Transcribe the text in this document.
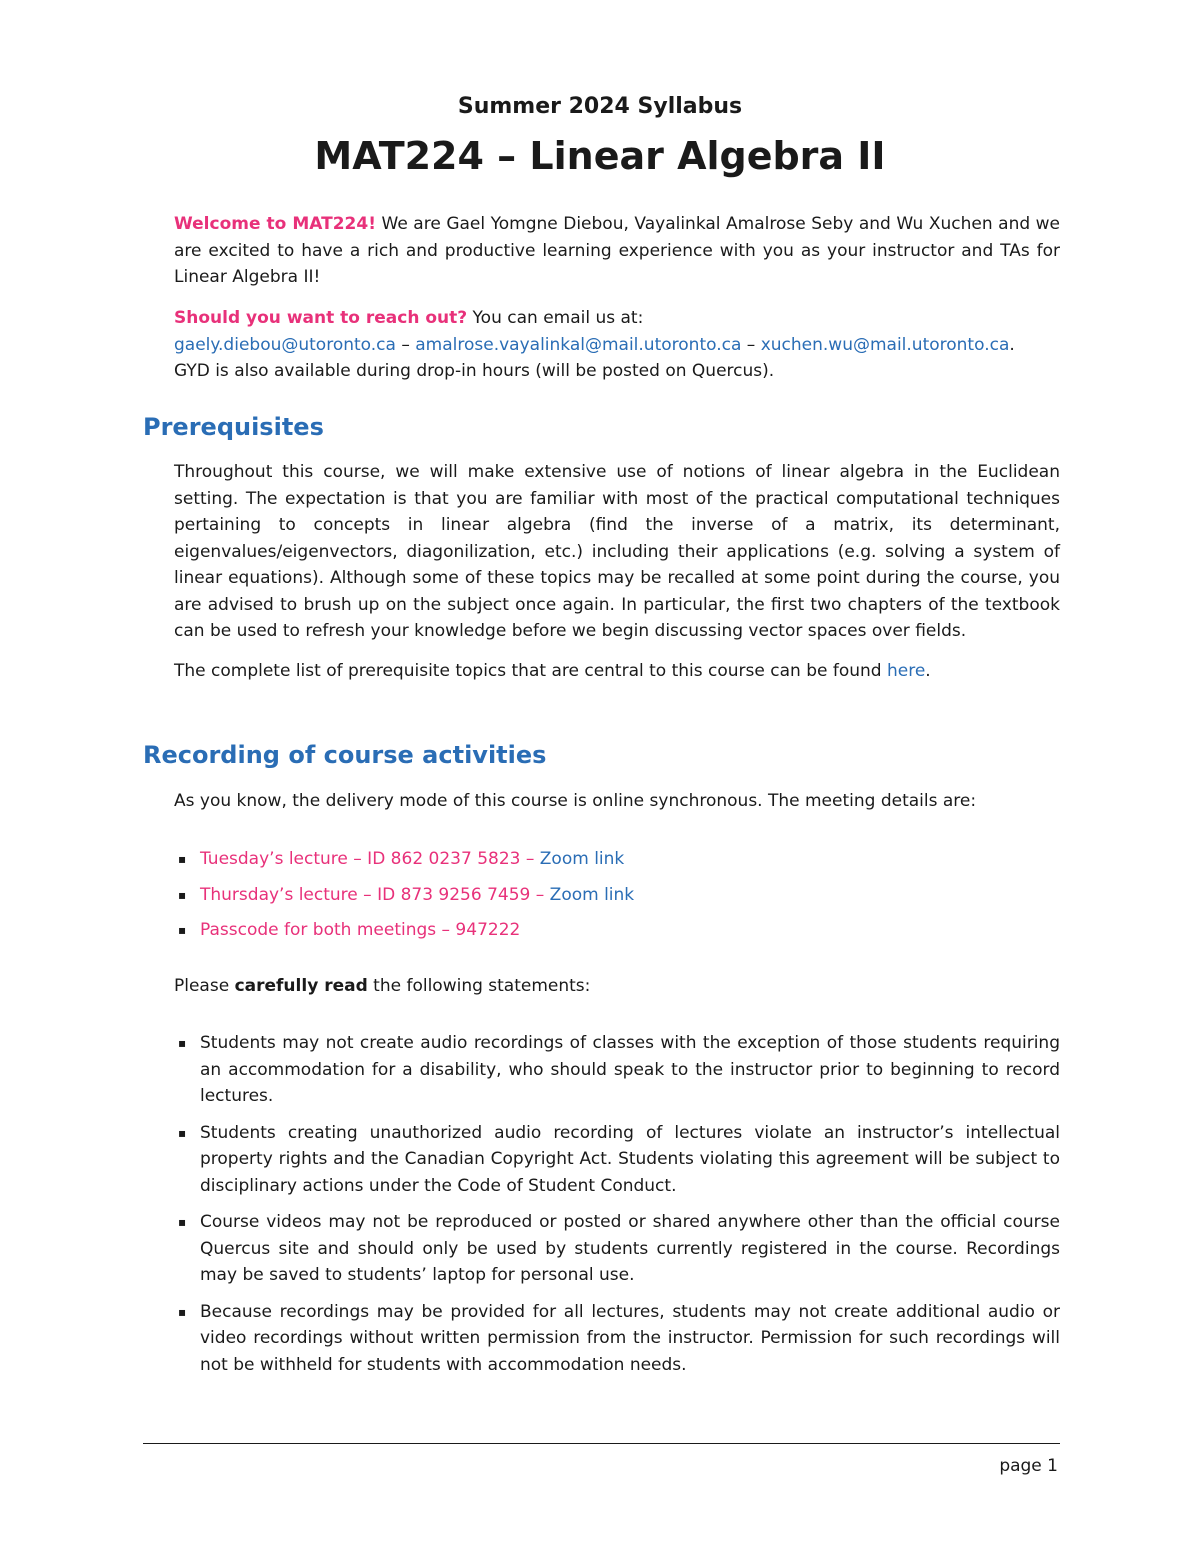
Summer 2024 Syllabus
MAT224 – Linear Algebra II
Welcome to MAT224! We are Gael Yomgne Diebou, Vayalinkal Amalrose Seby and Wu Xuchen and we are excited to have a rich and productive learning experience with you as your instructor and TAs for Linear Algebra II!
Should you want to reach out? You can email us at:
gaely.diebou@utoronto.ca – amalrose.vayalinkal@mail.utoronto.ca – xuchen.wu@mail.utoronto.ca.
GYD is also available during drop-in hours (will be posted on Quercus).
Prerequisites
Throughout this course, we will make extensive use of notions of linear algebra in the Euclidean setting. The expectation is that you are familiar with most of the practical computational techniques pertaining to concepts in linear algebra (find the inverse of a matrix, its determinant, eigenvalues/eigenvectors, diagonilization, etc.) including their applications (e.g. solving a system of linear equations). Although some of these topics may be recalled at some point during the course, you are advised to brush up on the subject once again. In particular, the first two chapters of the textbook can be used to refresh your knowledge before we begin discussing vector spaces over fields.
The complete list of prerequisite topics that are central to this course can be found here.
Recording of course activities
As you know, the delivery mode of this course is online synchronous. The meeting details are:
▪ Tuesday’s lecture – ID 862 0237 5823 – Zoom link
▪ Thursday’s lecture – ID 873 9256 7459 – Zoom link
▪ Passcode for both meetings – 947222
Please carefully read the following statements:
▪ Students may not create audio recordings of classes with the exception of those students requiring an accommodation for a disability, who should speak to the instructor prior to beginning to record lectures.
▪ Students creating unauthorized audio recording of lectures violate an instructor’s intellectual property rights and the Canadian Copyright Act. Students violating this agreement will be subject to disciplinary actions under the Code of Student Conduct.
▪ Course videos may not be reproduced or posted or shared anywhere other than the official course Quercus site and should only be used by students currently registered in the course. Recordings may be saved to students’ laptop for personal use.
▪ Because recordings may be provided for all lectures, students may not create additional audio or video recordings without written permission from the instructor. Permission for such recordings will not be withheld for students with accommodation needs.
page 1
